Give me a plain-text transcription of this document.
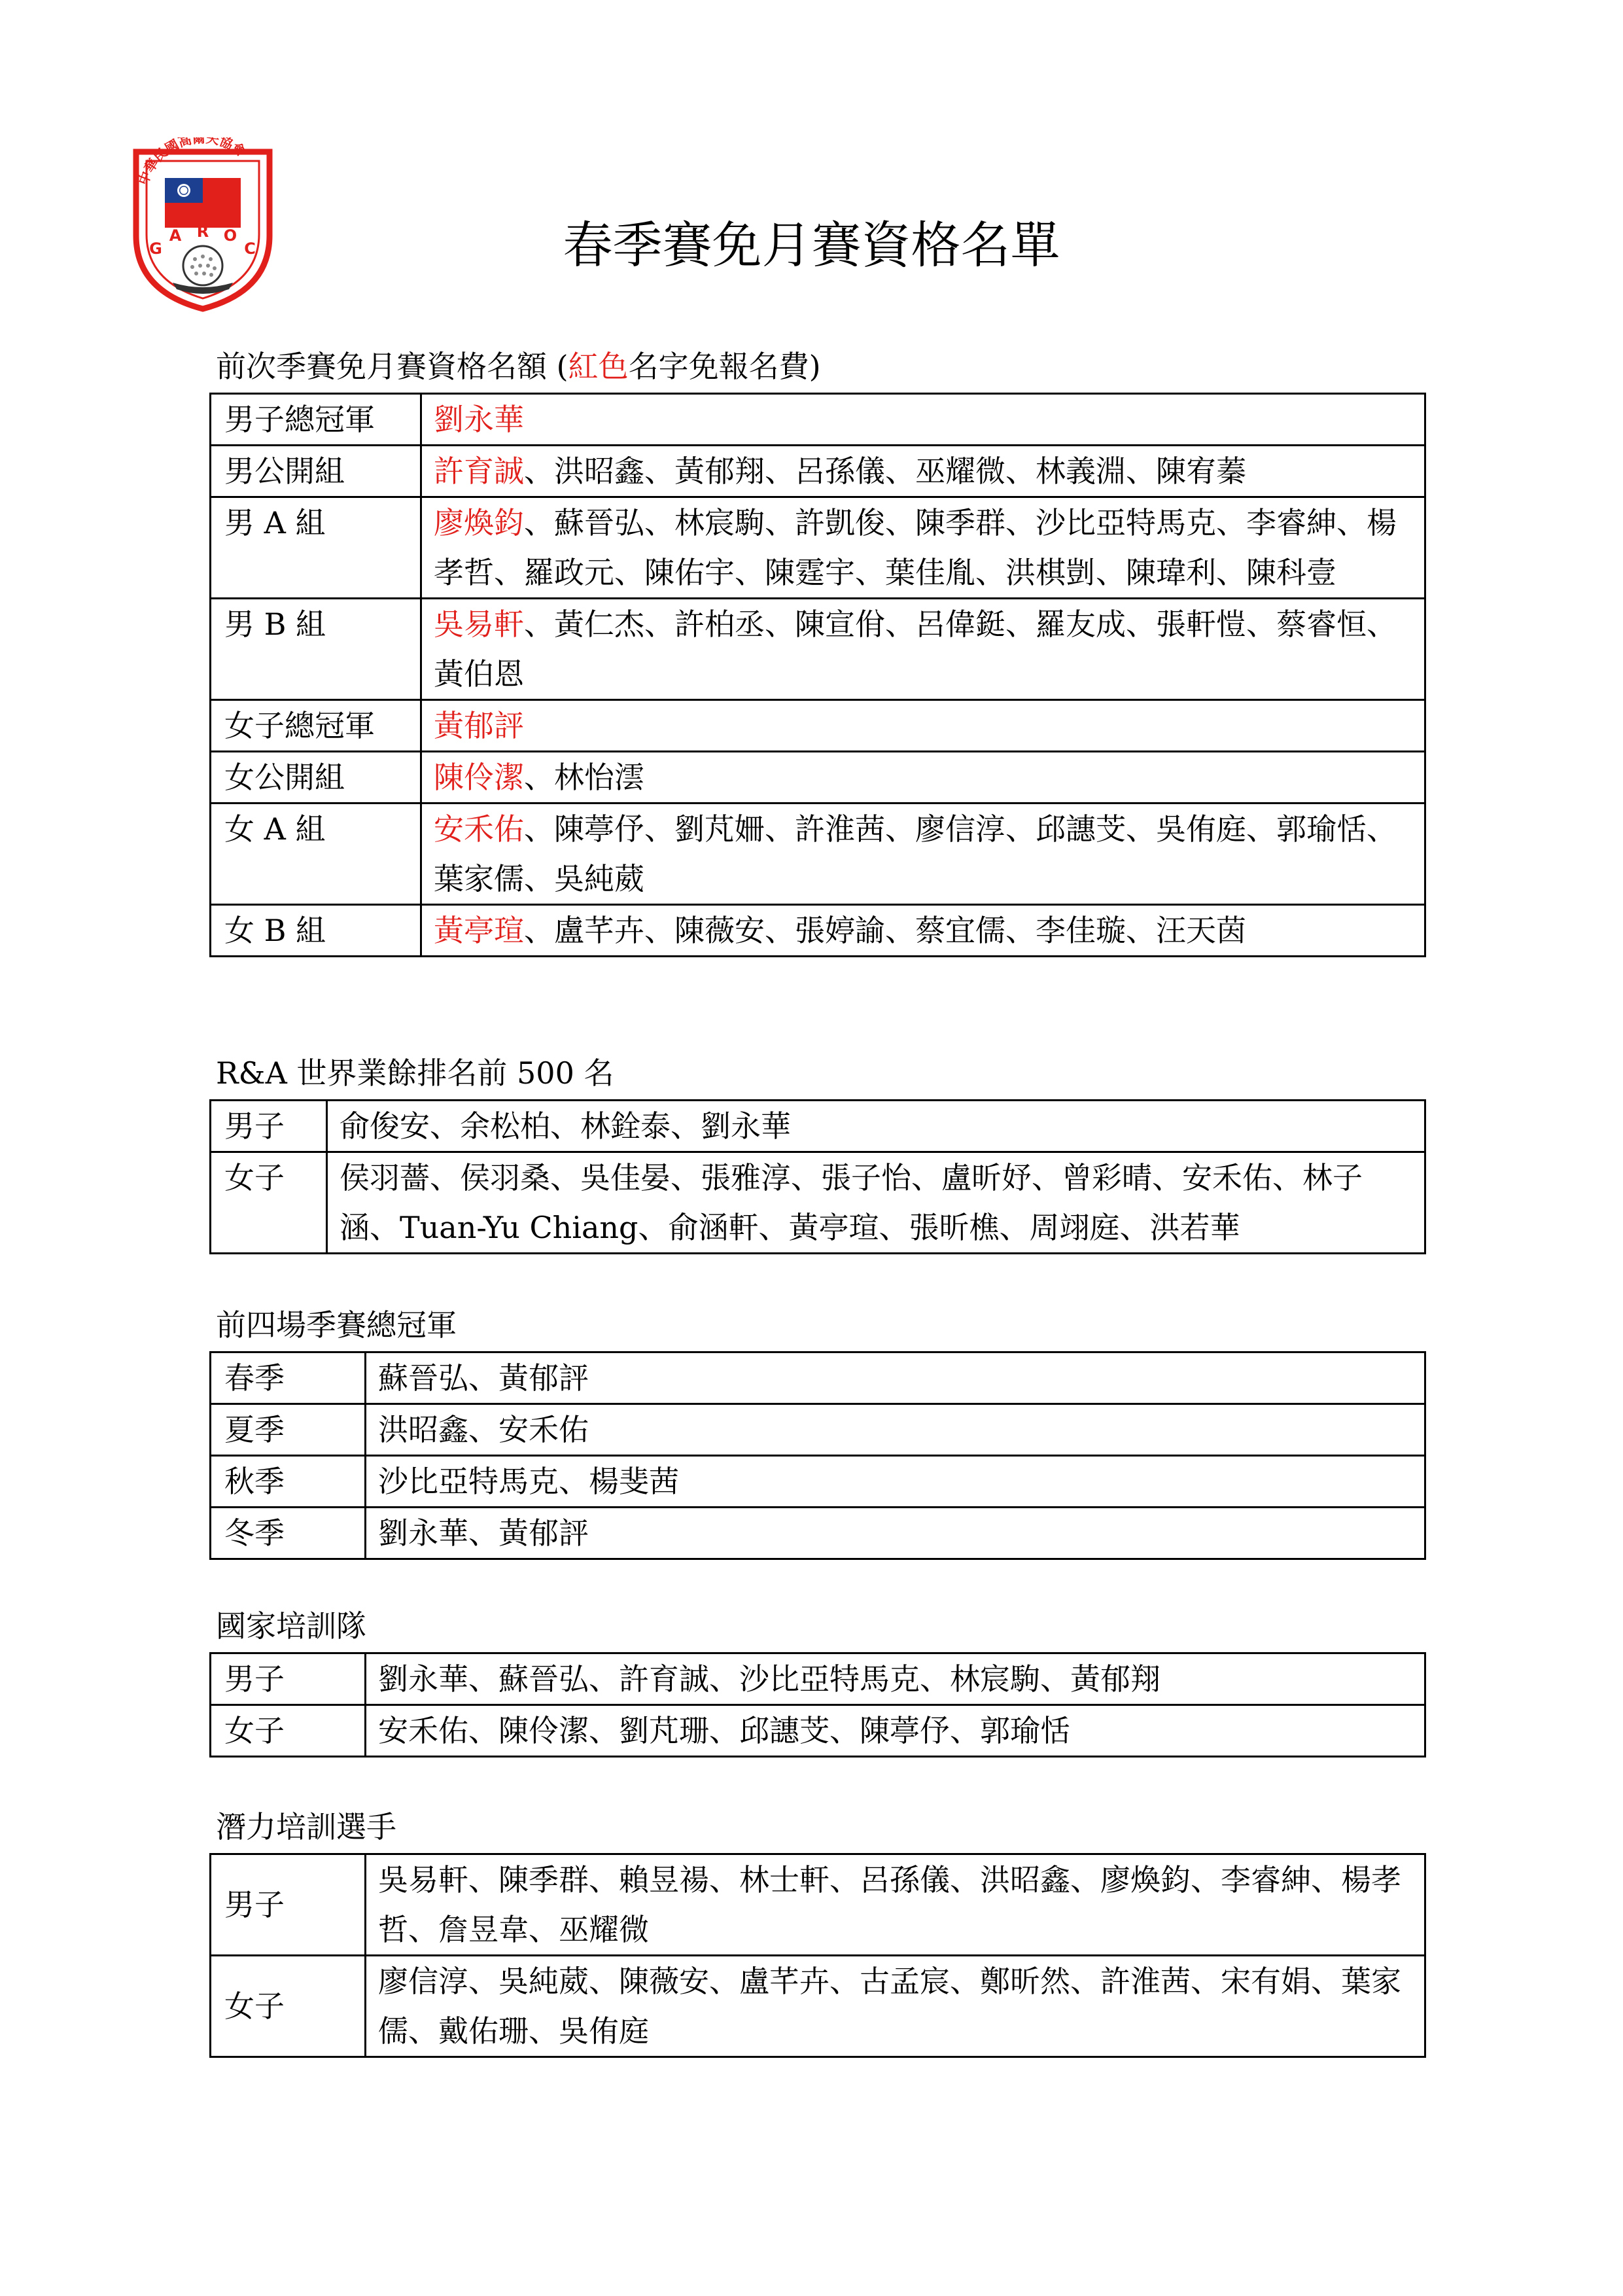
中華民國高爾夫協會
G
A R O
C	春季賽免月賽資格名單
前次季賽免月賽資格名額 (紅色名字免報名費)
男子總冠軍	劉永華
男公開組	許育誠、洪昭鑫、黃郁翔、呂孫儀、巫耀微、林義淵、陳宥蓁
男 A 組	廖煥鈞、蘇晉弘、林宸駒、許凱俊、陳季群、沙比亞特馬克、李睿紳、楊孝哲、羅政元、陳佑宇、陳霆宇、葉佳胤、洪棋剴、陳瑋利、陳科壹
男 B 組	吳易軒、黃仁杰、許柏丞、陳宣佾、呂偉鋌、羅友成、張軒愷、蔡睿恒、黃伯恩
女子總冠軍	黃郁評
女公開組	陳伶潔、林怡澐
女 A 組	安禾佑、陳葶伃、劉芃姍、許淮茜、廖信淳、邱譓芠、吳侑庭、郭瑜恬、葉家儒、吳純葳
女 B 組	黃亭瑄、盧芊卉、陳薇安、張婷諭、蔡宜儒、李佳璇、汪天茵
R&A 世界業餘排名前 500 名
男子	俞俊安、余松柏、林銓泰、劉永華
女子	侯羽薔、侯羽桑、吳佳晏、張雅淳、張子怡、盧昕妤、曾彩晴、安禾佑、林子涵、Tuan-Yu Chiang、俞涵軒、黃亭瑄、張昕樵、周翊庭、洪若華
前四場季賽總冠軍
春季	蘇晉弘、黃郁評
夏季	洪昭鑫、安禾佑
秋季	沙比亞特馬克、楊斐茜
冬季	劉永華、黃郁評
國家培訓隊
男子	劉永華、蘇晉弘、許育誠、沙比亞特馬克、林宸駒、黃郁翔
女子	安禾佑、陳伶潔、劉芃珊、邱譓芠、陳葶伃、郭瑜恬
潛力培訓選手
男子	吳易軒、陳季群、賴昱禓、林士軒、呂孫儀、洪昭鑫、廖煥鈞、李睿紳、楊孝哲、詹昱韋、巫耀微
女子	廖信淳、吳純葳、陳薇安、盧芊卉、古孟宸、鄭昕然、許淮茜、宋有娟、葉家儒、戴佑珊、吳侑庭
